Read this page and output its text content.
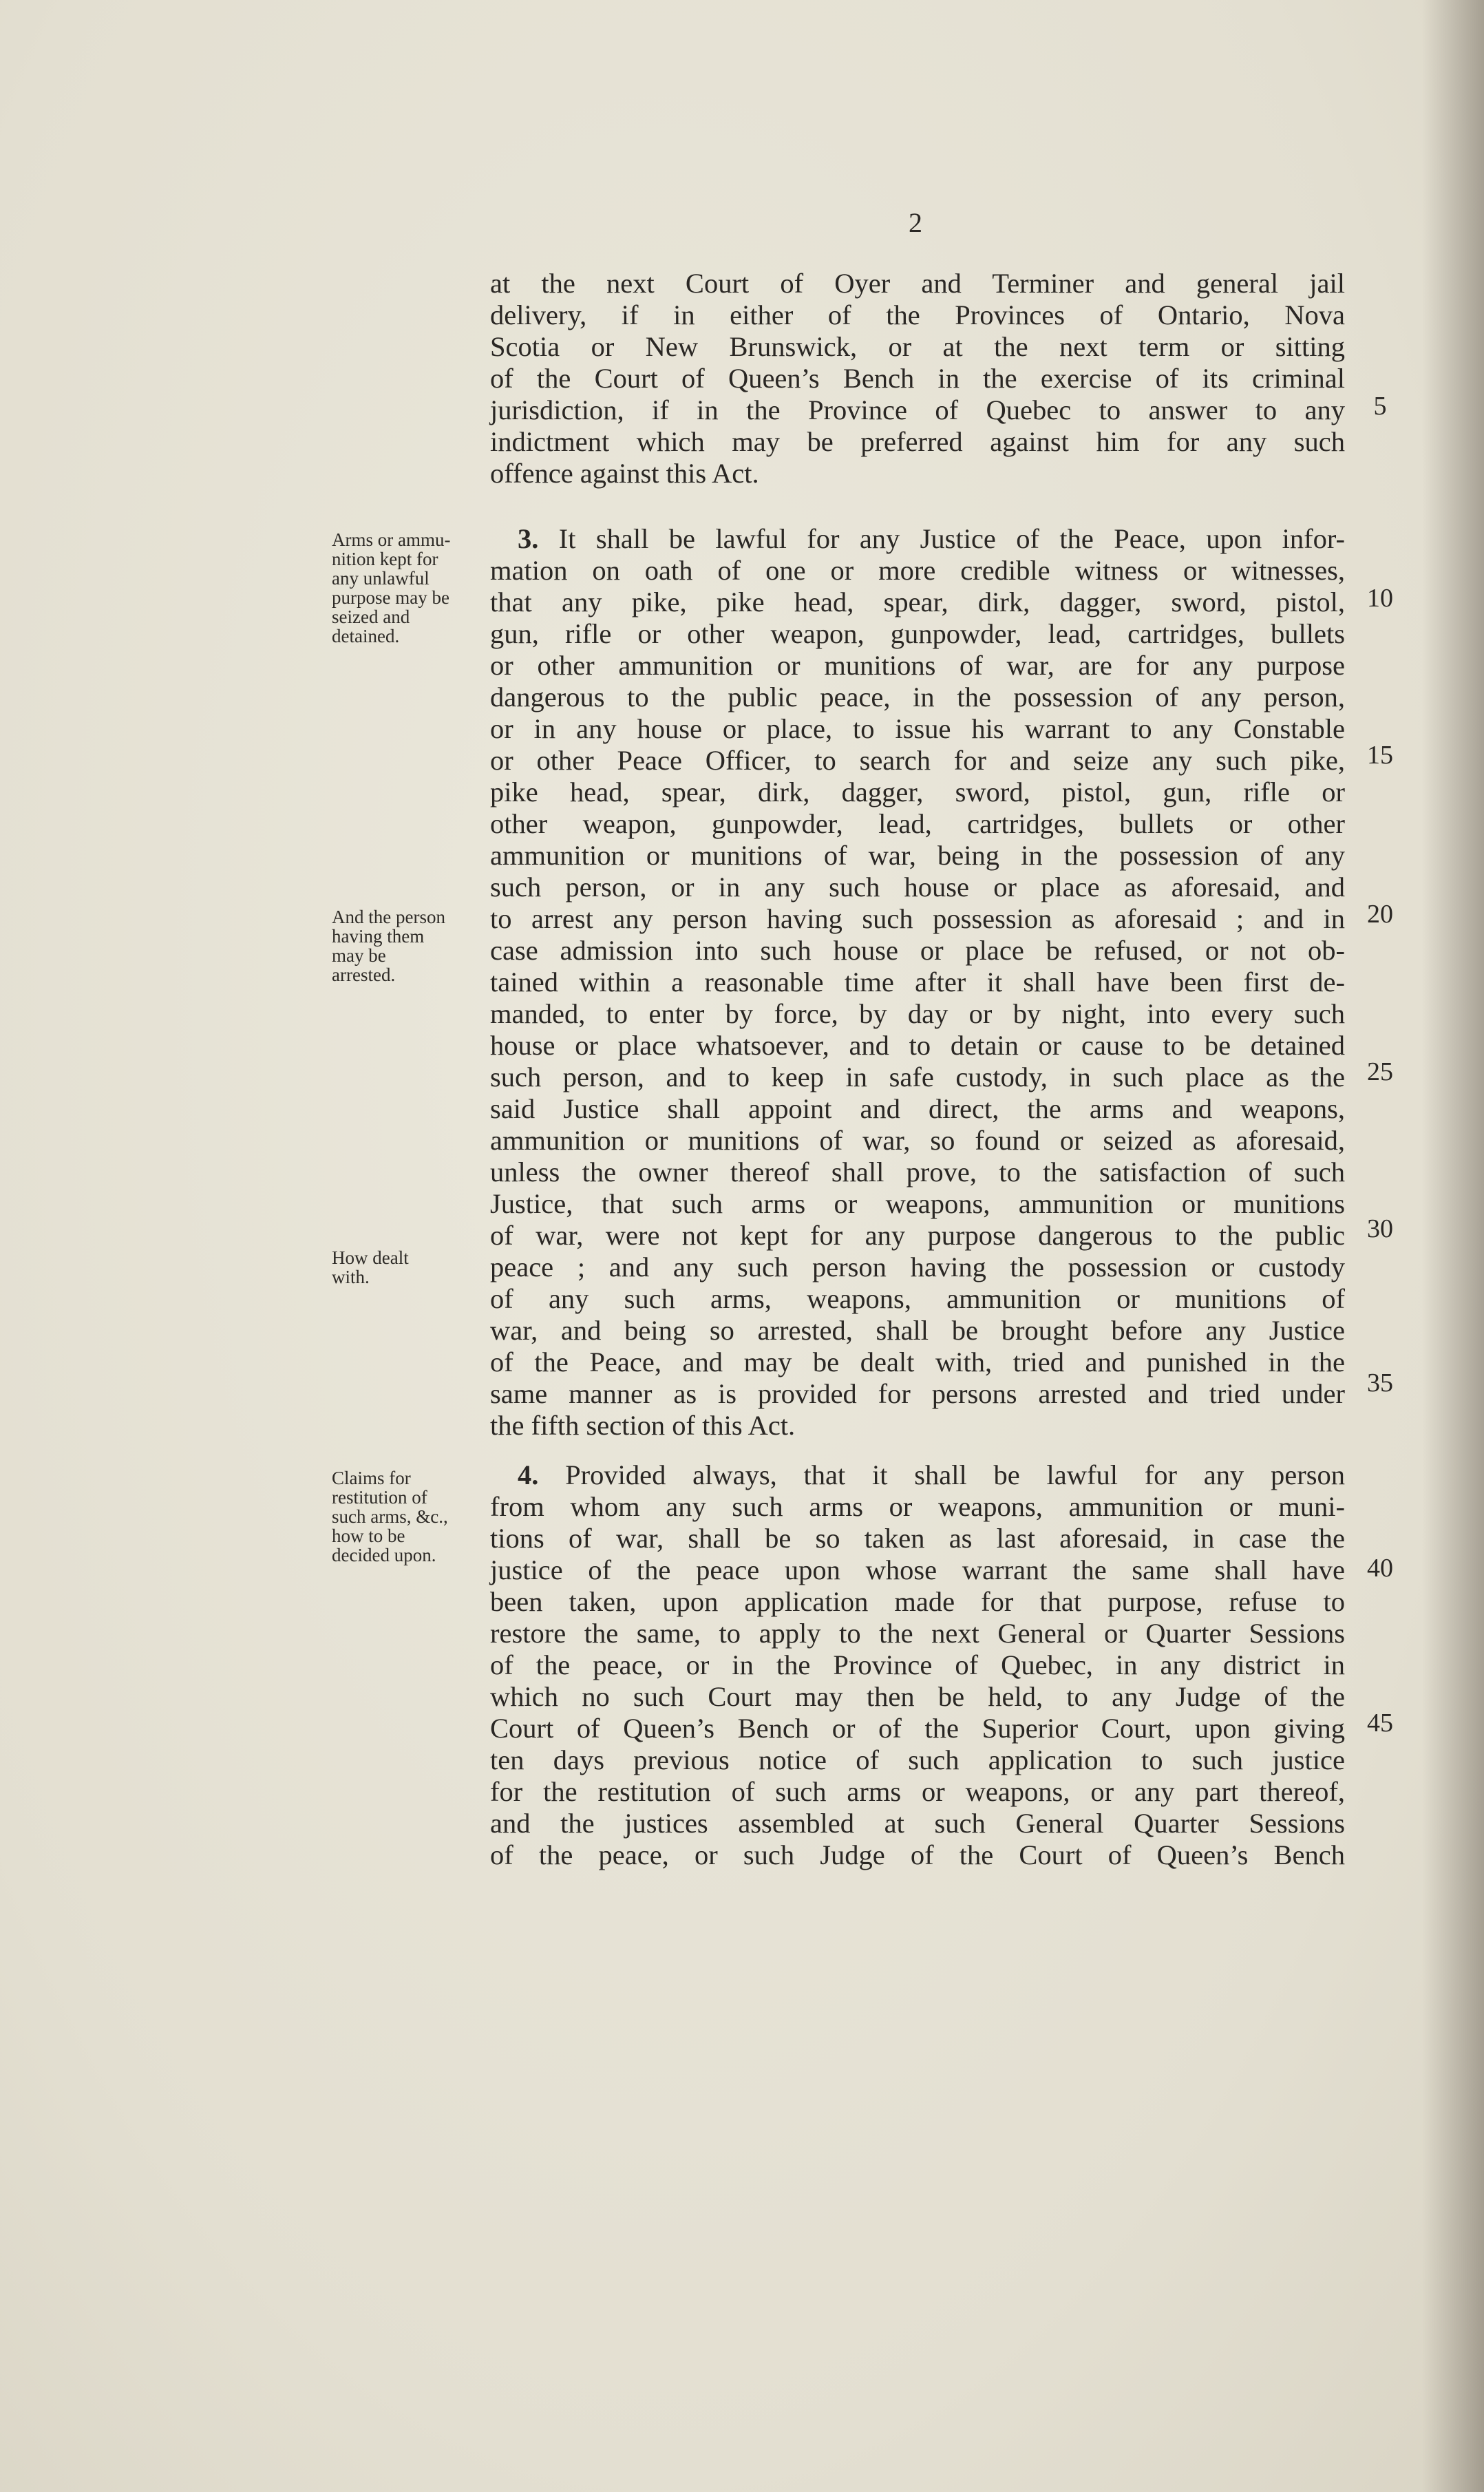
2
at the next Court of Oyer and Terminer and general jail
delivery, if in either of the Provinces of Ontario, Nova
Scotia or New Brunswick, or at the next term or sitting
of the Court of Queen’s Bench in the exercise of its criminal
jurisdiction, if in the Province of Quebec to answer to any
indictment which may be preferred against him for any such
offence against this Act.
3. It shall be lawful for any Justice of the Peace, upon infor-
mation on oath of one or more credible witness or witnesses,
that any pike, pike head, spear, dirk, dagger, sword, pistol,
gun, rifle or other weapon, gunpowder, lead, cartridges, bullets
or other ammunition or munitions of war, are for any purpose
dangerous to the public peace, in the possession of any person,
or in any house or place, to issue his warrant to any Constable
or other Peace Officer, to search for and seize any such pike,
pike head, spear, dirk, dagger, sword, pistol, gun, rifle or
other weapon, gunpowder, lead, cartridges, bullets or other
ammunition or munitions of war, being in the possession of any
such person, or in any such house or place as aforesaid, and
to arrest any person having such possession as aforesaid ; and in
case admission into such house or place be refused, or not ob-
tained within a reasonable time after it shall have been first de-
manded, to enter by force, by day or by night, into every such
house or place whatsoever, and to detain or cause to be detained
such person, and to keep in safe custody, in such place as the
said Justice shall appoint and direct, the arms and weapons,
ammunition or munitions of war, so found or seized as aforesaid,
unless the owner thereof shall prove, to the satisfaction of such
Justice, that such arms or weapons, ammunition or munitions
of war, were not kept for any purpose dangerous to the public
peace ; and any such person having the possession or custody
of any such arms, weapons, ammunition or munitions of
war, and being so arrested, shall be brought before any Justice
of the Peace, and may be dealt with, tried and punished in the
same manner as is provided for persons arrested and tried under
the fifth section of this Act.
4. Provided always, that it shall be lawful for any person
from whom any such arms or weapons, ammunition or muni-
tions of war, shall be so taken as last aforesaid, in case the
justice of the peace upon whose warrant the same shall have
been taken, upon application made for that purpose, refuse to
restore the same, to apply to the next General or Quarter Sessions
of the peace, or in the Province of Quebec, in any district in
which no such Court may then be held, to any Judge of the
Court of Queen’s Bench or of the Superior Court, upon giving
ten days previous notice of such application to such justice
for the restitution of such arms or weapons, or any part thereof,
and the justices assembled at such General Quarter Sessions
of the peace, or such Judge of the Court of Queen’s Bench
Arms or ammu-
nition kept for
any unlawful
purpose may be
seized and
detained.
And the person
having them
may be
arrested.
How dealt
with.
Claims for
restitution of
such arms, &c.,
how to be
decided upon.
5
10
15
20
25
30
35
40
45
